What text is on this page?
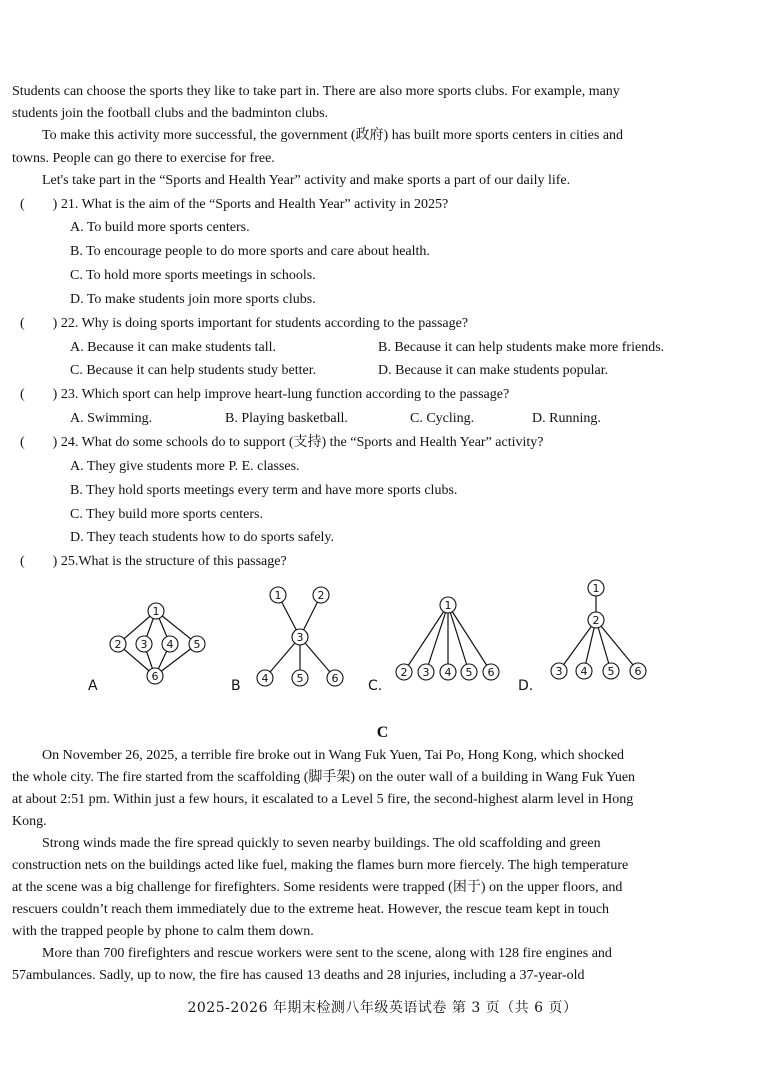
Students can choose the sports they like to take part in. There are also more sports clubs. For example, many
students join the football clubs and the badminton clubs.
To make this activity more successful, the government (政府) has built more sports centers in cities and
towns. People can go there to exercise for free.
Let's take part in the “Sports and Health Year” activity and make sports a part of our daily life.
(　　) 21. What is the aim of the “Sports and Health Year” activity in 2025?
A. To build more sports centers.
B. To encourage people to do more sports and care about health.
C. To hold more sports meetings in schools.
D. To make students join more sports clubs.
(　　) 22. Why is doing sports important for students according to the passage?
A. Because it can make students tall.	B. Because it can help students make more friends.
C. Because it can help students study better.	D. Because it can make students popular.
(　　) 23. Which sport can help improve heart-lung function according to the passage?
A. Swimming.	B. Playing basketball.	C. Cycling.	D. Running.
(　　) 24. What do some schools do to support (支持) the “Sports and Health Year” activity?
A. They give students more P. E. classes.
B. They hold sports meetings every term and have more sports clubs.
C. They build more sports centers.
D. They teach students how to do sports safely.
(　　) 25.What is the structure of this passage?
1
2 3 4 5
6
1	2
3
4	5	6
1
2 3 4 5 6
1
2
3 4 5 6
A	B	C.	D.
C
On November 26, 2025, a terrible fire broke out in Wang Fuk Yuen, Tai Po, Hong Kong, which shocked
the whole city. The fire started from the scaffolding (脚手架) on the outer wall of a building in Wang Fuk Yuen
at about 2:51 pm. Within just a few hours, it escalated to a Level 5 fire, the second-highest alarm level in Hong
Kong.
Strong winds made the fire spread quickly to seven nearby buildings. The old scaffolding and green
construction nets on the buildings acted like fuel, making the flames burn more fiercely. The high temperature
at the scene was a big challenge for firefighters. Some residents were trapped (困于) on the upper floors, and
rescuers couldn’t reach them immediately due to the extreme heat. However, the rescue team kept in touch
with the trapped people by phone to calm them down.
More than 700 firefighters and rescue workers were sent to the scene, along with 128 fire engines and
57ambulances. Sadly, up to now, the fire has caused 13 deaths and 28 injuries, including a 37-year-old
2025-2026 年期末检测八年级英语试卷 第 3 页（共 6 页）
